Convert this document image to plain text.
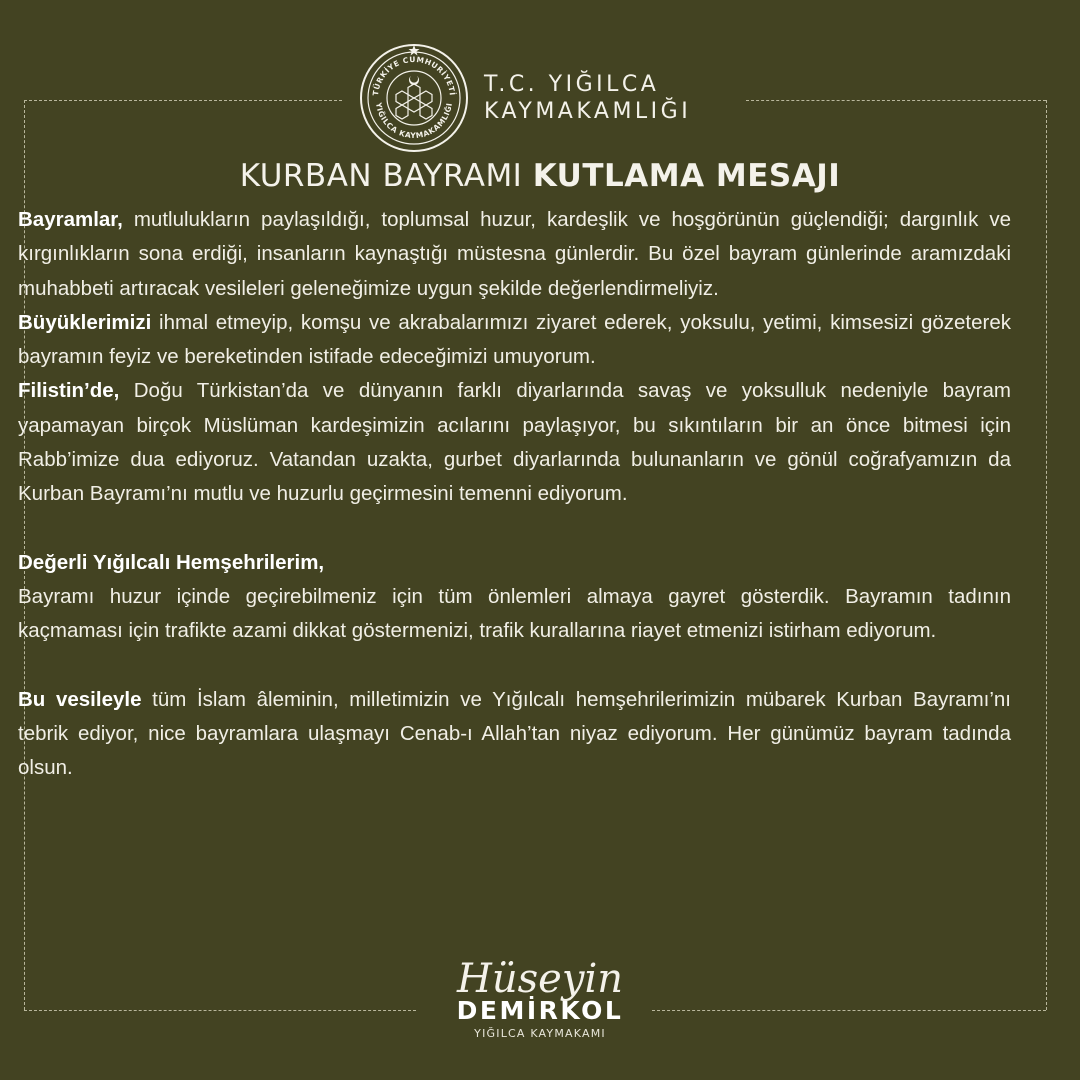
TÜRKİYE CUMHURİYETİ
YIĞILCA KAYMAKAMLIĞI
T.C. YIĞILCA
KAYMAKAMLIĞI
KURBAN BAYRAMI KUTLAMA MESAJI

Bayramlar, mutlulukların paylaşıldığı, toplumsal huzur, kardeşlik ve hoşgörünün güçlendiği; dargınlık ve kırgınlıkların sona erdiği, insanların kaynaştığı müstesna günlerdir. Bu özel bayram günlerinde aramızdaki muhabbeti artıracak vesileleri geleneğimize uygun şekilde değerlendirmeliyiz.

Büyüklerimizi ihmal etmeyip, komşu ve akrabalarımızı ziyaret ederek, yoksulu, yetimi, kimsesizi gözeterek bayramın feyiz ve bereketinden istifade edeceğimizi umuyorum.

Filistin’de, Doğu Türkistan’da ve dünyanın farklı diyarlarında savaş ve yoksulluk nedeniyle bayram yapamayan birçok Müslüman kardeşimizin acılarını paylaşıyor, bu sıkıntıların bir an önce bitmesi için Rabb’imize dua ediyoruz. Vatandan uzakta, gurbet diyarlarında bulunanların ve gönül coğrafyamızın da Kurban Bayramı’nı mutlu ve huzurlu geçirmesini temenni ediyorum.

Değerli Yığılcalı Hemşehrilerim,

Bayramı huzur içinde geçirebilmeniz için tüm önlemleri almaya gayret gösterdik. Bayramın tadının kaçmaması için trafikte azami dikkat göstermenizi, trafik kurallarına riayet etmenizi istirham ediyorum.

Bu vesileyle tüm İslam âleminin, milletimizin ve Yığılcalı hemşehrilerimizin mübarek Kurban Bayramı’nı tebrik ediyor, nice bayramlara ulaşmayı Cenab-ı Allah’tan niyaz ediyorum. Her günümüz bayram tadında olsun.

Hüseyin
DEMİRKOL
YIĞILCA KAYMAKAMI
